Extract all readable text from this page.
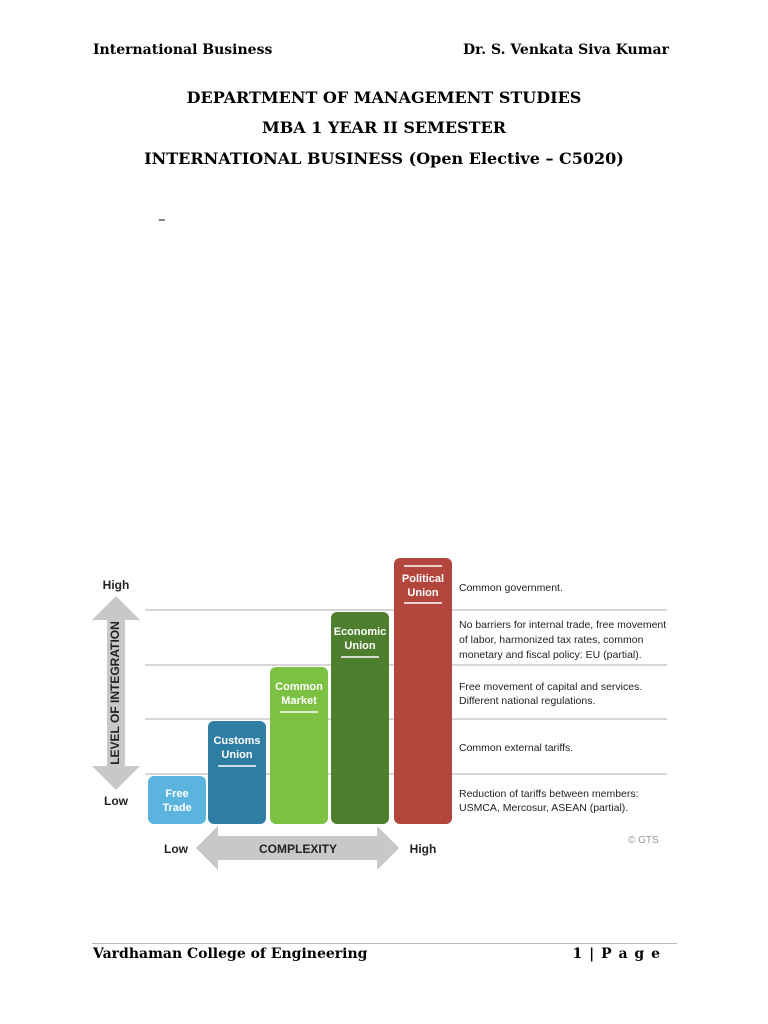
International Business	Dr. S. Venkata Siva Kumar
DEPARTMENT OF MANAGEMENT STUDIES
MBA 1 YEAR II SEMESTER
INTERNATIONAL BUSINESS (Open Elective – C5020)
–
LEVEL OF INTEGRATION
High
Low
COMPLEXITY
Low	High
Free
Trade
Customs
Union
Common
Market
Economic
Union
Political
Union Common government.
No barriers for internal trade, free movement
of labor, harmonized tax rates, common
monetary and fiscal policy: EU (partial).
Free movement of capital and services.
Different national regulations.
Common external tariffs.
Reduction of tariffs between members:
USMCA, Mercosur, ASEAN (partial).
© GTS
Vardhaman College of Engineering	1 | P a g e
